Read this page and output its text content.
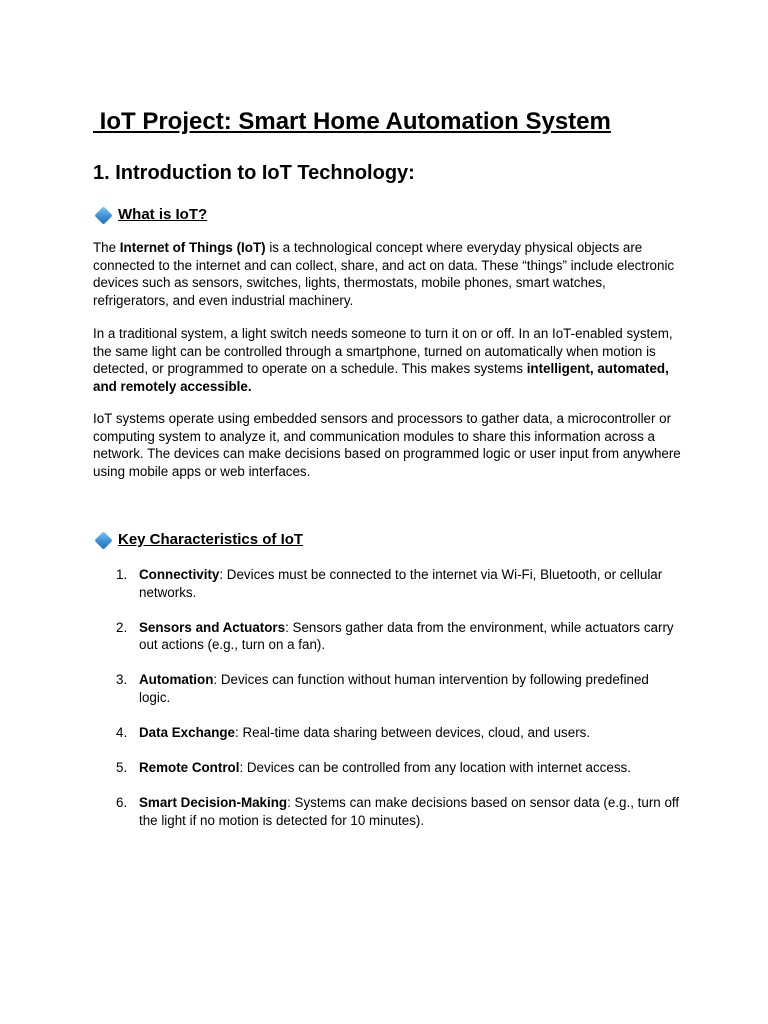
IoT Project: Smart Home Automation System
1. Introduction to IoT Technology:
What is IoT?

The Internet of Things (IoT) is a technological concept where everyday physical objects are connected to the internet and can collect, share, and act on data. These “things” include electronic devices such as sensors, switches, lights, thermostats, mobile phones, smart watches, refrigerators, and even industrial machinery.

In a traditional system, a light switch needs someone to turn it on or off. In an IoT-enabled system, the same light can be controlled through a smartphone, turned on automatically when motion is detected, or programmed to operate on a schedule. This makes systems intelligent, automated, and remotely accessible.

IoT systems operate using embedded sensors and processors to gather data, a microcontroller or computing system to analyze it, and communication modules to share this information across a network. The devices can make decisions based on programmed logic or user input from anywhere using mobile apps or web interfaces.

Key Characteristics of IoT
1. Connectivity: Devices must be connected to the internet via Wi-Fi, Bluetooth, or cellular networks.
2. Sensors and Actuators: Sensors gather data from the environment, while actuators carry out actions (e.g., turn on a fan).
3. Automation: Devices can function without human intervention by following predefined logic.
4. Data Exchange: Real-time data sharing between devices, cloud, and users.
5. Remote Control: Devices can be controlled from any location with internet access.
6. Smart Decision-Making: Systems can make decisions based on sensor data (e.g., turn off the light if no motion is detected for 10 minutes).
